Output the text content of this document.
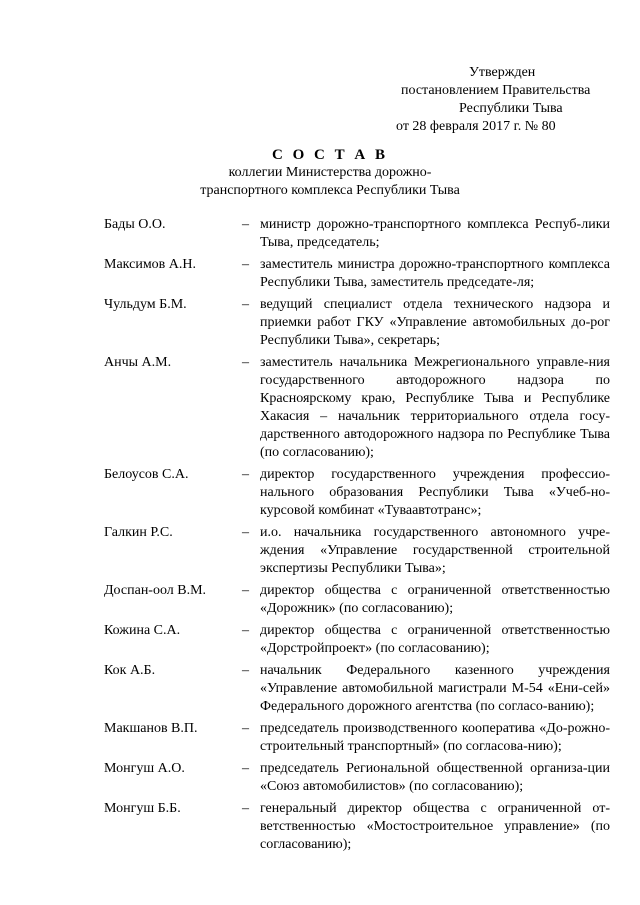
Утвержден
постановлением Правительства
Республики Тыва
от 28 февраля 2017 г. № 80
С О С Т А В
коллегии Министерства дорожно-
транспортного комплекса Республики Тыва
Бады О.О.	– министр дорожно-транспортного комплекса Респуб-лики Тыва, председатель;
Максимов А.Н.	– заместитель министра дорожно-транспортного комплекса Республики Тыва, заместитель председате-ля;
Чульдум Б.М.	– ведущий специалист отдела технического надзора и приемки работ ГКУ «Управление автомобильных до-рог Республики Тыва», секретарь;
Анчы А.М.	– заместитель начальника Межрегионального управле-ния государственного автодорожного надзора по Красноярскому краю, Республике Тыва и Республике Хакасия – начальник территориального отдела госу-дарственного автодорожного надзора по Республике Тыва (по согласованию);
Белоусов С.А.	– директор государственного учреждения профессио-нального образования Республики Тыва «Учеб-но-курсовой комбинат «Туваавтотранс»;
Галкин Р.С.	– и.о. начальника государственного автономного учре-ждения «Управление государственной строительной экспертизы Республики Тыва»;
Доспан-оол В.М.	– директор общества с ограниченной ответственностью «Дорожник» (по согласованию);
Кожина С.А.	– директор общества с ограниченной ответственностью «Дорстройпроект» (по согласованию);
Кок А.Б.	– начальник Федерального казенного учреждения «Управление автомобильной магистрали М-54 «Ени-сей» Федерального дорожного агентства (по согласо-ванию);
Макшанов В.П.	– председатель производственного кооператива «До-рожно-строительный транспортный» (по согласова-нию);
Монгуш А.О.	– председатель Региональной общественной организа-ции «Союз автомобилистов» (по согласованию);
Монгуш Б.Б.	– генеральный директор общества с ограниченной от-ветственностью «Мостостроительное управление» (по согласованию);
